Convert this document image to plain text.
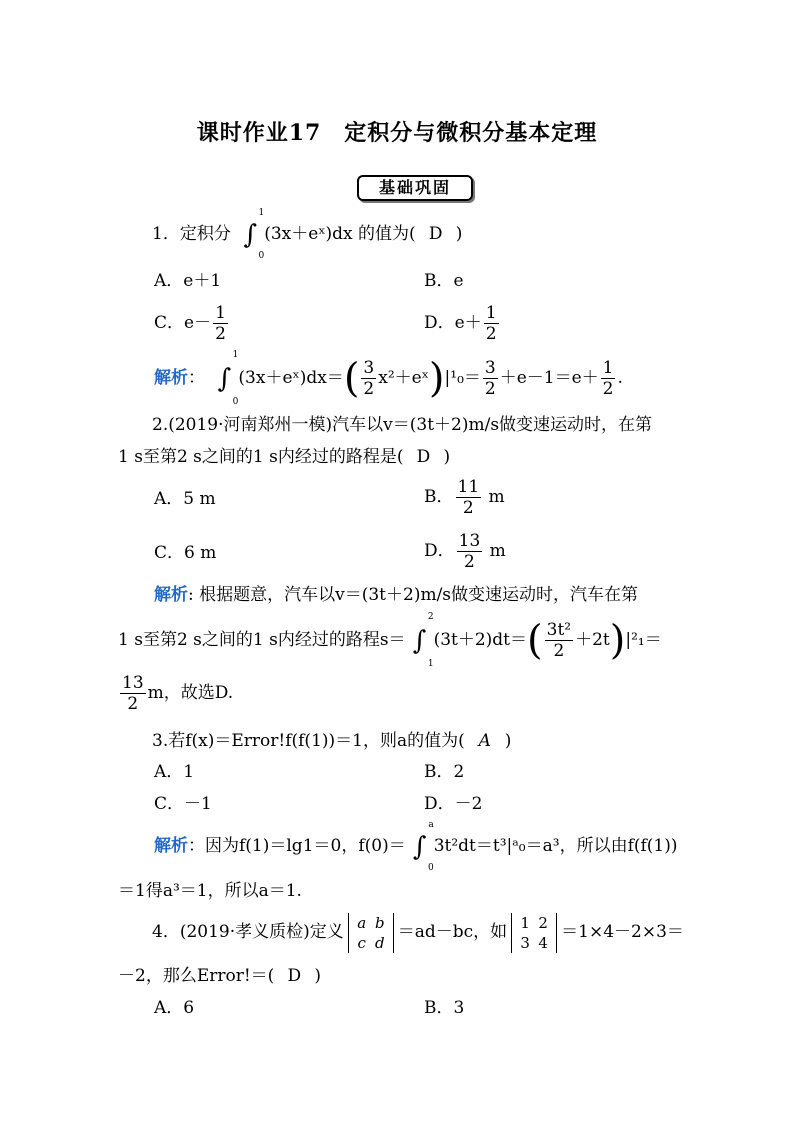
课时作业17　定积分与微积分基本定理
基础巩固
1．定积分 ∫
1
0
(3x＋eˣ)dx 的值为( D )
A．e＋1	B．e
C．$e- \frac{1}{2}$	D．$e+ \frac{1}{2}$
解析： ∫
1
0
(3x＋eˣ)dx＝( $\frac{3}{2}$ x²＋eˣ)|¹₀＝ $\frac{3}{2} +e-1=e+ \frac{1}{2}$ .
2.(2019·河南郑州一模)汽车以v＝(3t＋2)m/s做变速运动时，在第
1 s至第2 s之间的1 s内经过的路程是( D )
A．5 m	B． $\frac{11}{2}$ m
C．6 m	D． $\frac{13}{2}$ m
解析: 根据题意，汽车以v＝(3t＋2)m/s做变速运动时，汽车在第
1 s至第2 s之间的1 s内经过的路程s＝ ∫
2
1
$(3t+2)dt=( \frac{\text{3t²}}{2} +2t)|^2_1=$
$\frac{13}{2}$ m，故选D.
3.若f(x)＝Error!f(f(1))＝1，则a的值为( A )
A．1	B．2
C．－1	D．－2
解析：因为f(1)＝lg1＝0，f(0)＝ ∫
a
0
3t²dt＝t³|ᵃ₀＝a³，所以由f(f(1))
＝1得a³＝1，所以a＝1.
4．(2019·孝义质检)定义 a b
c d
＝ad－bc，如 1 2
3 4
＝1×4－2×3＝
－2，那么Error!＝( D )
A．6	B．3
